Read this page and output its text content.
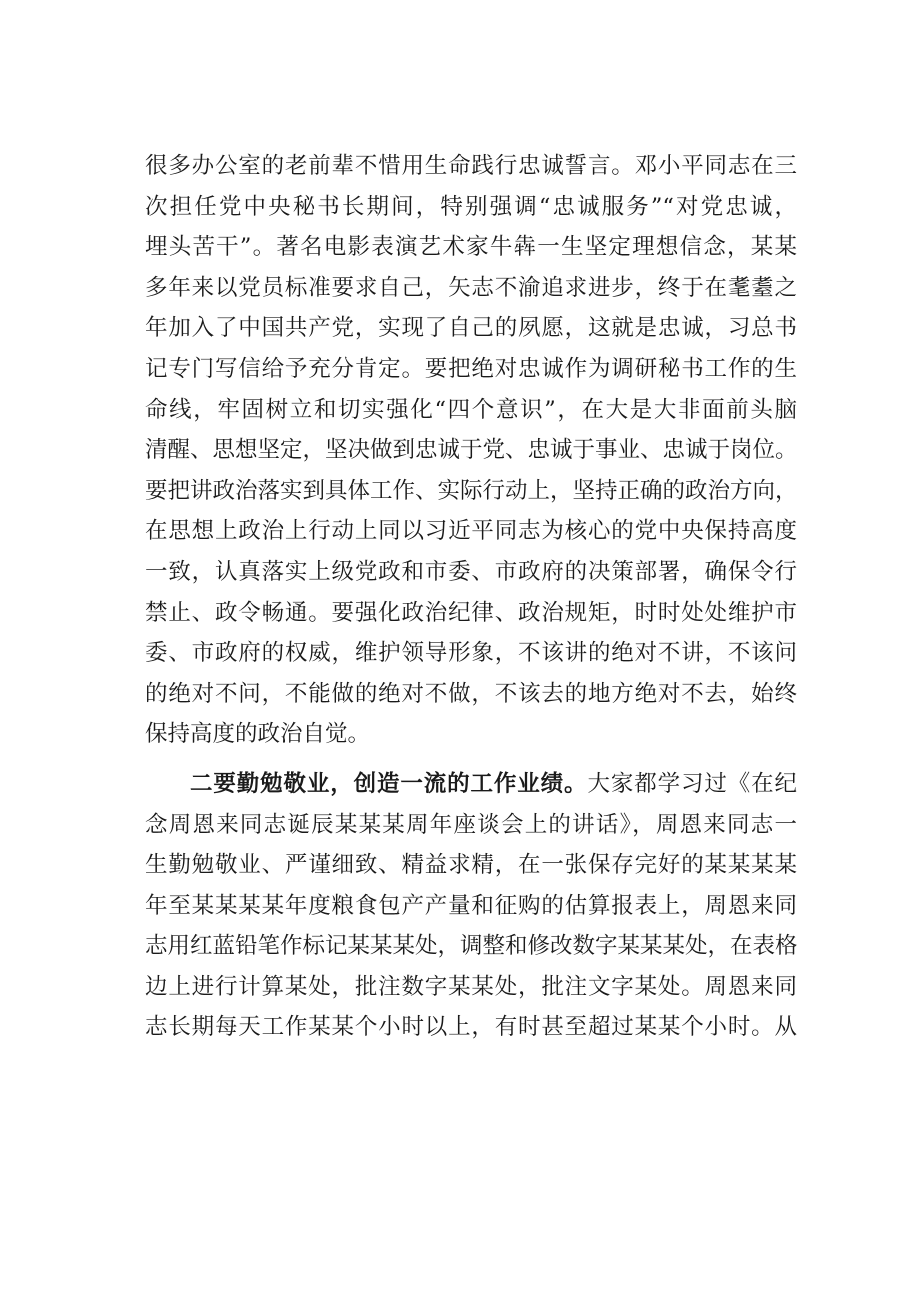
很多办公室的老前辈不惜用生命践行忠诚誓言。邓小平同志在三
次担任党中央秘书长期间，特别强调“忠诚服务”“对党忠诚，
埋头苦干”。著名电影表演艺术家牛犇一生坚定理想信念，某某
多年来以党员标准要求自己，矢志不渝追求进步，终于在耄耋之
年加入了中国共产党，实现了自己的夙愿，这就是忠诚，习总书
记专门写信给予充分肯定。要把绝对忠诚作为调研秘书工作的生
命线，牢固树立和切实强化“四个意识”，在大是大非面前头脑
清醒、思想坚定，坚决做到忠诚于党、忠诚于事业、忠诚于岗位。
要把讲政治落实到具体工作、实际行动上，坚持正确的政治方向，
在思想上政治上行动上同以习近平同志为核心的党中央保持高度
一致，认真落实上级党政和市委、市政府的决策部署，确保令行
禁止、政令畅通。要强化政治纪律、政治规矩，时时处处维护市
委、市政府的权威，维护领导形象，不该讲的绝对不讲，不该问
的绝对不问，不能做的绝对不做，不该去的地方绝对不去，始终
保持高度的政治自觉。
二要勤勉敬业，创造一流的工作业绩。大家都学习过《在纪
念周恩来同志诞辰某某某周年座谈会上的讲话》，周恩来同志一
生勤勉敬业、严谨细致、精益求精，在一张保存完好的某某某某
年至某某某某年度粮食包产产量和征购的估算报表上，周恩来同
志用红蓝铅笔作标记某某某处，调整和修改数字某某某处，在表格
边上进行计算某处，批注数字某某处，批注文字某处。周恩来同
志长期每天工作某某个小时以上，有时甚至超过某某个小时。从
